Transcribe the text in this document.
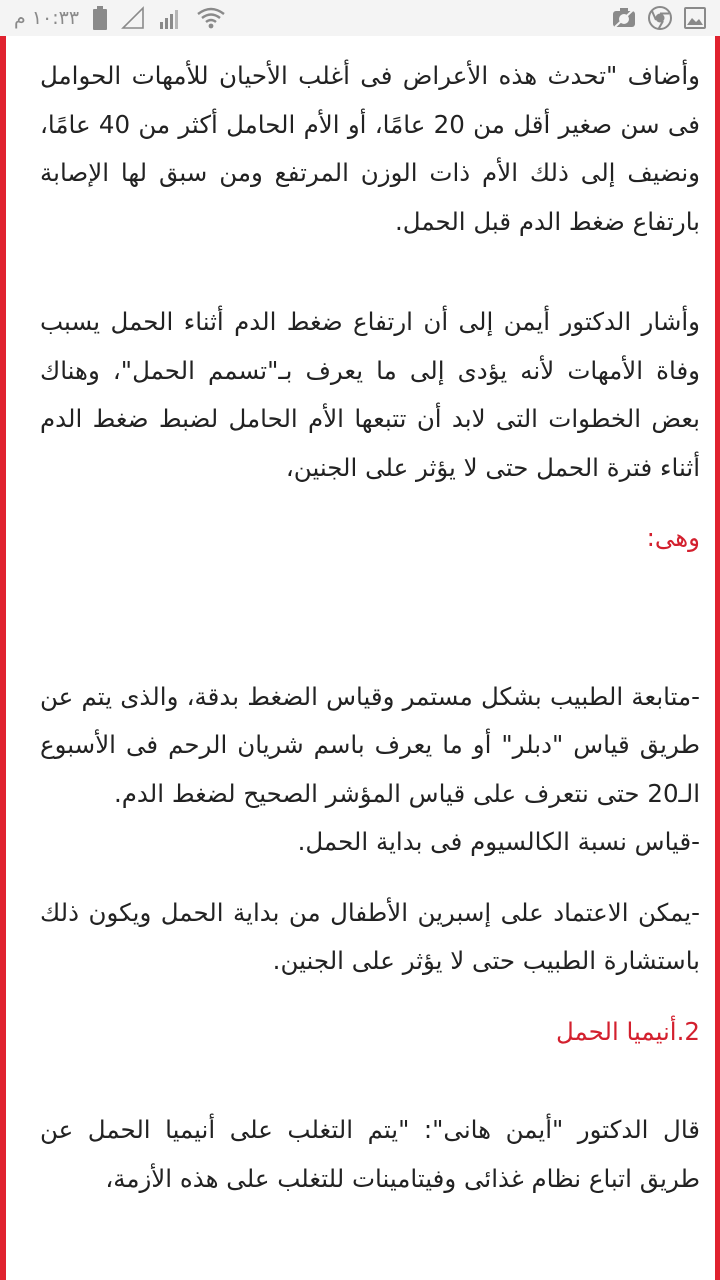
١٠:٣٣ م

وأضاف "تحدث هذه الأعراض فى أغلب الأحيان للأمهات الحوامل فى سن صغير أقل من 20 عامًا، أو الأم الحامل أكثر من 40 عامًا، ونضيف إلى ذلك الأم ذات الوزن المرتفع ومن سبق لها الإصابة بارتفاع ضغط الدم قبل الحمل.

وأشار الدكتور أيمن إلى أن ارتفاع ضغط الدم أثناء الحمل يسبب وفاة الأمهات لأنه يؤدى إلى ما يعرف بـ"تسمم الحمل"، وهناك بعض الخطوات التى لابد أن تتبعها الأم الحامل لضبط ضغط الدم أثناء فترة الحمل حتى لا يؤثر على الجنين،

وهى:

-متابعة الطبيب بشكل مستمر وقياس الضغط بدقة، والذى يتم عن طريق قياس "دبلر" أو ما يعرف باسم شريان الرحم فى الأسبوع الـ20 حتى نتعرف على قياس المؤشر الصحيح لضغط الدم.

-قياس نسبة الكالسيوم فى بداية الحمل.

-يمكن الاعتماد على إسبرين الأطفال من بداية الحمل ويكون ذلك باستشارة الطبيب حتى لا يؤثر على الجنين.

2.أنيميا الحمل

قال الدكتور "أيمن هانى": "يتم التغلب على أنيميا الحمل عن طريق اتباع نظام غذائى وفيتامينات للتغلب على هذه الأزمة،
